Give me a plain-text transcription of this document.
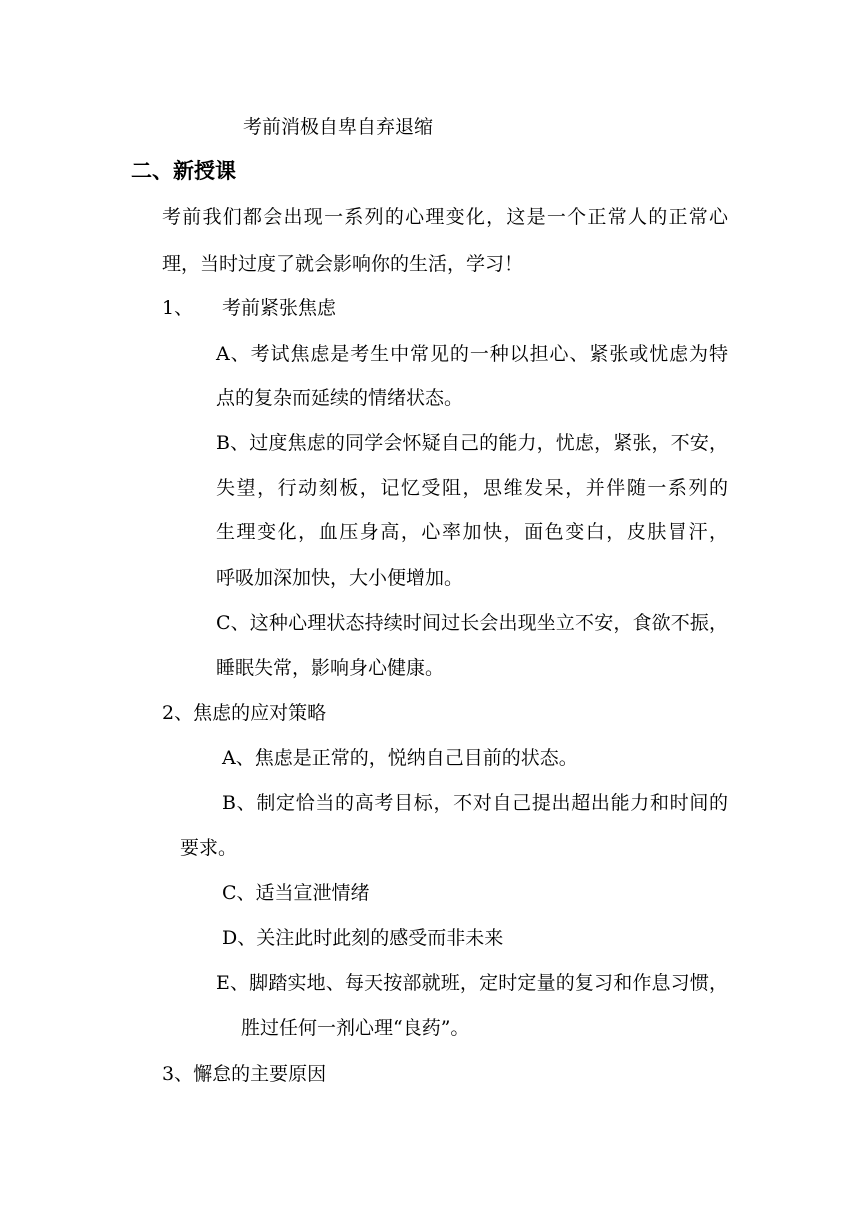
考前消极自卑自弃退缩
二、新授课
考前我们都会出现一系列的心理变化，这是一个正常人的正常心
理，当时过度了就会影响你的生活，学习！
1、 考前紧张焦虑
A、考试焦虑是考生中常见的一种以担心、紧张或忧虑为特
点的复杂而延续的情绪状态。
B、过度焦虑的同学会怀疑自己的能力，忧虑，紧张，不安，
失望，行动刻板，记忆受阻，思维发呆，并伴随一系列的
生理变化，血压身高，心率加快，面色变白，皮肤冒汗，
呼吸加深加快，大小便增加。
C、这种心理状态持续时间过长会出现坐立不安，食欲不振，
睡眠失常，影响身心健康。
2、焦虑的应对策略
A、焦虑是正常的，悦纳自己目前的状态。
B、制定恰当的高考目标，不对自己提出超出能力和时间的
要求。
C、适当宣泄情绪
D、关注此时此刻的感受而非未来
E、脚踏实地、每天按部就班，定时定量的复习和作息习惯，
胜过任何一剂心理“良药”。
3、懈怠的主要原因
